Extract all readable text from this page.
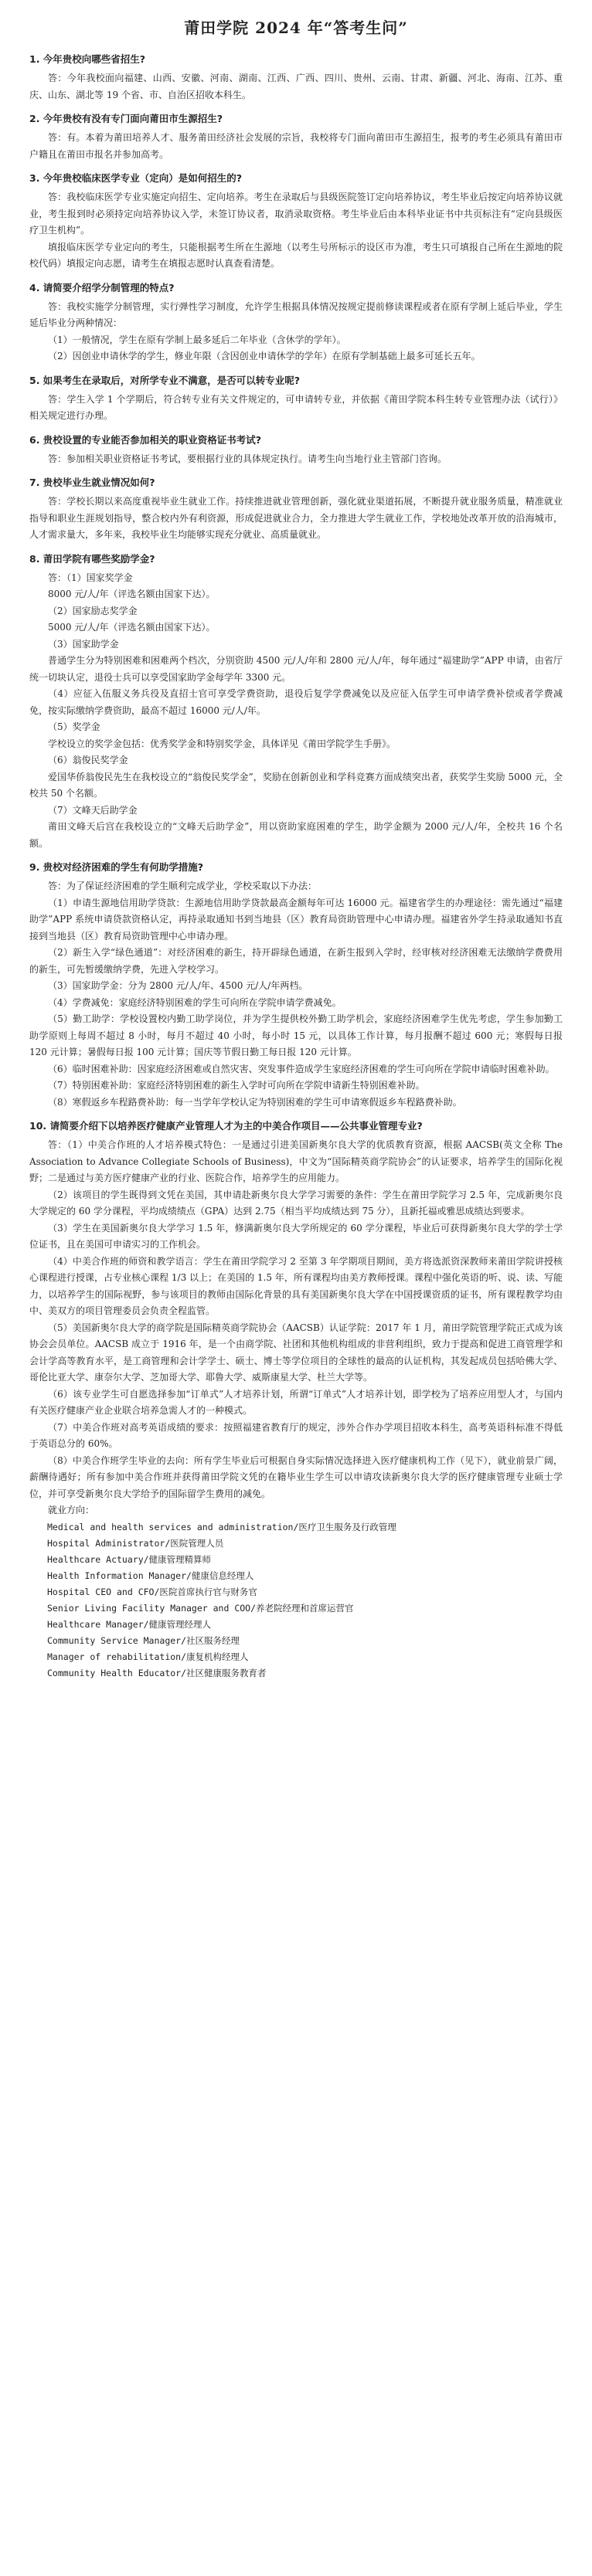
莆田学院 2024 年“答考生问”
1. 今年贵校向哪些省招生?

答：今年我校面向福建、山西、安徽、河南、湖南、江西、广西、四川、贵州、云南、甘肃、新疆、河北、海南、江苏、重庆、山东、湖北等 19 个省、市、自治区招收本科生。

2. 今年贵校有没有专门面向莆田市生源招生?

答：有。本着为莆田培养人才、服务莆田经济社会发展的宗旨，我校将专门面向莆田市生源招生，报考的考生必须具有莆田市户籍且在莆田市报名并参加高考。

3. 今年贵校临床医学专业（定向）是如何招生的?

答：我校临床医学专业实施定向招生、定向培养。考生在录取后与县级医院签订定向培养协议，考生毕业后按定向培养协议就业，考生报到时必须持定向培养协议入学，未签订协议者，取消录取资格。考生毕业后由本科毕业证书中共页标注有“定向县级医疗卫生机构”。

填报临床医学专业定向的考生，只能根据考生所在生源地（以考生号所标示的设区市为准，考生只可填报自己所在生源地的院校代码）填报定向志愿，请考生在填报志愿时认真查看清楚。

4. 请简要介绍学分制管理的特点?

答：我校实施学分制管理，实行弹性学习制度，允许学生根据具体情况按规定提前修读课程或者在原有学制上延后毕业，学生延后毕业分两种情况：

（1）一般情况，学生在原有学制上最多延后二年毕业（含休学的学年）。

（2）因创业申请休学的学生，修业年限（含因创业申请休学的学年）在原有学制基础上最多可延长五年。

5. 如果考生在录取后，对所学专业不满意，是否可以转专业呢?

答：学生入学 1 个学期后，符合转专业有关文件规定的，可申请转专业，并依据《莆田学院本科生转专业管理办法（试行）》相关规定进行办理。

6. 贵校设置的专业能否参加相关的职业资格证书考试?

答：参加相关职业资格证书考试，要根据行业的具体规定执行。请考生向当地行业主管部门咨询。

7. 贵校毕业生就业情况如何?

答：学校长期以来高度重视毕业生就业工作。持续推进就业管理创新，强化就业渠道拓展，不断提升就业服务质量，精准就业指导和职业生涯规划指导，整合校内外有利资源，形成促进就业合力，全力推进大学生就业工作，学校地处改革开放的沿海城市，人才需求量大，多年来，我校毕业生均能够实现充分就业、高质量就业。

8. 莆田学院有哪些奖励学金?

答：（1）国家奖学金

8000 元/人/年（评选名额由国家下达）。

（2）国家励志奖学金

5000 元/人/年（评选名额由国家下达）。

（3）国家助学金

普通学生分为特别困难和困难两个档次，分别资助 4500 元/人/年和 2800 元/人/年，每年通过“福建助学”APP 申请，由省厅统一切块认定，退役士兵可以享受国家助学金每学年 3300 元。

（4）应征入伍服义务兵役及直招士官可享受学费资助，退役后复学学费减免以及应征入伍学生可申请学费补偿或者学费减免，按实际缴纳学费资助，最高不超过 16000 元/人/年。

（5）奖学金

学校设立的奖学金包括：优秀奖学金和特别奖学金，具体详见《莆田学院学生手册》。

（6）翁俊民奖学金

爱国华侨翁俊民先生在我校设立的“翁俊民奖学金”，奖励在创新创业和学科竞赛方面成绩突出者，获奖学生奖励 5000 元，全校共 50 个名额。

（7）文峰天后助学金

莆田文峰天后宫在我校设立的“文峰天后助学金”，用以资助家庭困难的学生，助学金额为 2000 元/人/年，全校共 16 个名额。

9. 贵校对经济困难的学生有何助学措施?

答：为了保证经济困难的学生顺利完成学业，学校采取以下办法：

（1）申请生源地信用助学贷款：生源地信用助学贷款最高金额每年可达 16000 元。福建省学生的办理途径：需先通过“福建助学”APP 系统申请贷款资格认定，再持录取通知书到当地县（区）教育局资助管理中心申请办理。福建省外学生持录取通知书直接到当地县（区）教育局资助管理中心申请办理。

（2）新生入学“绿色通道”：对经济困难的新生，持开辟绿色通道，在新生报到入学时，经审核对经济困难无法缴纳学费费用的新生，可先暂缓缴纳学费，先进入学校学习。

（3）国家助学金：分为 2800 元/人/年、4500 元/人/年两档。

（4）学费减免：家庭经济特别困难的学生可向所在学院申请学费减免。

（5）勤工助学：学校设置校内勤工助学岗位，并为学生提供校外勤工助学机会，家庭经济困难学生优先考虑，学生参加勤工助学原则上每周不超过 8 小时，每月不超过 40 小时，每小时 15 元，以具体工作计算，每月报酬不超过 600 元；寒假每日报 120 元计算；暑假每日报 100 元计算；国庆等节假日勤工每日报 120 元计算。

（6）临时困难补助：因家庭经济困难或自然灾害、突发事件造成学生家庭经济困难的学生可向所在学院申请临时困难补助。

（7）特别困难补助：家庭经济特别困难的新生入学时可向所在学院申请新生特别困难补助。

（8）寒假返乡车程路费补助：每一当学年学校认定为特别困难的学生可申请寒假返乡车程路费补助。

10. 请简要介绍下以培养医疗健康产业管理人才为主的中美合作项目——公共事业管理专业?

答：（1）中美合作班的人才培养模式特色：一是通过引进美国新奥尔良大学的优质教育资源，根据 AACSB(英文全称 The Association to Advance Collegiate Schools of Business)，中文为“国际精英商学院协会”的认证要求，培养学生的国际化视野；二是通过与美方医疗健康产业的行业、医院合作，培养学生的应用能力。

（2）该项目的学生既得到文凭在美国，其申请赴新奥尔良大学学习需要的条件：学生在莆田学院学习 2.5 年，完成新奥尔良大学规定的 60 学分课程，平均成绩绩点（GPA）达到 2.75（相当平均成绩达到 75 分），且新托福或雅思成绩达到要求。

（3）学生在美国新奥尔良大学学习 1.5 年，修满新奥尔良大学所规定的 60 学分课程，毕业后可获得新奥尔良大学的学士学位证书，且在美国可申请实习的工作机会。

（4）中美合作班的师资和教学语言：学生在莆田学院学习 2 至第 3 年学期项目期间，美方将选派资深教师来莆田学院讲授核心课程进行授课，占专业核心课程 1/3 以上；在美国的 1.5 年，所有课程均由美方教师授课。课程中强化英语的听、说、读、写能力，以培养学生的国际视野，参与该项目的教师由国际化背景的具有美国新奥尔良大学在中国授课资质的证书，所有课程教学均由中、美双方的项目管理委员会负责全程监管。

（5）美国新奥尔良大学的商学院是国际精英商学院协会（AACSB）认证学院：2017 年 1 月，莆田学院管理学院正式成为该协会会员单位。AACSB 成立于 1916 年，是一个由商学院、社团和其他机构组成的非营利组织，致力于提高和促进工商管理学和会计学高等教育水平，是工商管理和会计学学士、硕士、博士等学位项目的全球性的最高的认证机构，其发起成员包括哈佛大学、哥伦比亚大学、康奈尔大学、芝加哥大学、耶鲁大学、威斯康星大学、杜兰大学等。

（6）该专业学生可自愿选择参加“订单式”人才培养计划，所谓“订单式”人才培养计划，即学校为了培养应用型人才，与国内有关医疗健康产业企业联合培养急需人才的一种模式。

（7）中美合作班对高考英语成绩的要求：按照福建省教育厅的规定，涉外合作办学项目招收本科生，高考英语科标准不得低于英语总分的 60%。

（8）中美合作班学生毕业的去向：所有学生毕业后可根据自身实际情况选择进入医疗健康机构工作（见下），就业前景广阔，薪酬待遇好；所有参加中美合作班并获得莆田学院文凭的在籍毕业生学生可以申请攻读新奥尔良大学的医疗健康管理专业硕士学位，并可享受新奥尔良大学给予的国际留学生费用的减免。

就业方向：

Medical and health services and administration/医疗卫生服务及行政管理
Hospital Administrator/医院管理人员
Healthcare Actuary/健康管理精算师
Health Information Manager/健康信息经理人
Hospital CEO and CFO/医院首席执行官与财务官
Senior Living Facility Manager and COO/养老院经理和首席运营官
Healthcare Manager/健康管理经理人
Community Service Manager/社区服务经理
Manager of rehabilitation/康复机构经理人
Community Health Educator/社区健康服务教育者
